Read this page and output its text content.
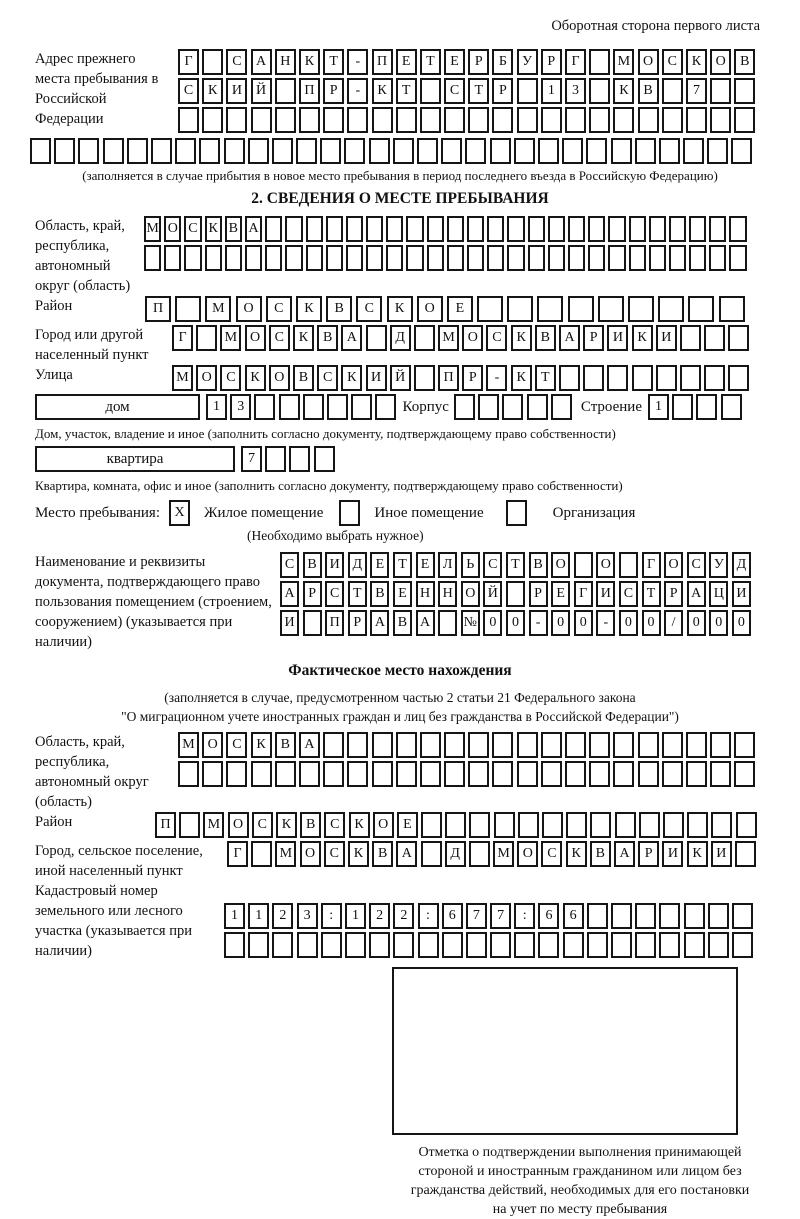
Оборотная сторона первого листа
Адрес прежнего места пребывания в Российской Федерации
Г	С	А	Н	К	Т	-	П	Е	Т	Е	Р	Б	У	Р	Г	М О	С	К	О	В
С	К	И	Й	П	Р	-	К	Т	С	Т	Р	1	3	К	В	7
(заполняется в случае прибытия в новое место пребывания в период последнего въезда в Российскую Федерацию)
2. СВЕДЕНИЯ О МЕСТЕ ПРЕБЫВАНИЯ
Область, край, республика, автономный округ (область)
М О С К В А
Район	П	М	О	С	К	В	С	К	О	Е
Город или другой населенный пункт
Г	М О	С	К	В	А	Д	М О	С	К	В	А	Р	И	К	И
Улица	М О	С	К	О	В	С	К	И	Й	П	Р	-	К	Т
дом	1	3	Корпус	Строение 1
Дом, участок, владение и иное (заполнить согласно документу, подтверждающему право собственности)
квартира	7
Квартира, комната, офис и иное (заполнить согласно документу, подтверждающему право собственности)
Место пребывания:	X	Жилое помещение	Иное помещение	Организация
(Необходимо выбрать нужное)
Наименование и реквизиты документа, подтверждающего право пользования помещением (строением, сооружением) (указывается при наличии)
С В И Д Е	Т	Е Л Ь С Т В О	О	Г О С У Д
А Р	С Т В Е Н Н О Й	Р	Е	Г И С Т	Р А Ц И
И	П Р А В А	№ 0	0	-	0	0	-	0	0	/	0	0	0
Фактическое место нахождения
(заполняется в случае, предусмотренном частью 2 статьи 21 Федерального закона
"О миграционном учете иностранных граждан и лиц без гражданства в Российской Федерации")
Область, край, республика, автономный округ (область)
М О	С	К	В	А
Район	П	М О	С	К	В	С	К	О	Е
Город, сельское поселение, иной населенный пункт
Г	М О	С	К	В	А	Д	М О	С	К	В	А	Р	И	К	И
Кадастровый номер земельного или лесного участка (указывается при наличии)
1	1	2	3	:	1	2	2	:	6	7	7	:	6	6
Отметка о подтверждении выполнения принимающей
стороной и иностранным гражданином или лицом без
гражданства действий, необходимых для его постановки
на учет по месту пребывания
